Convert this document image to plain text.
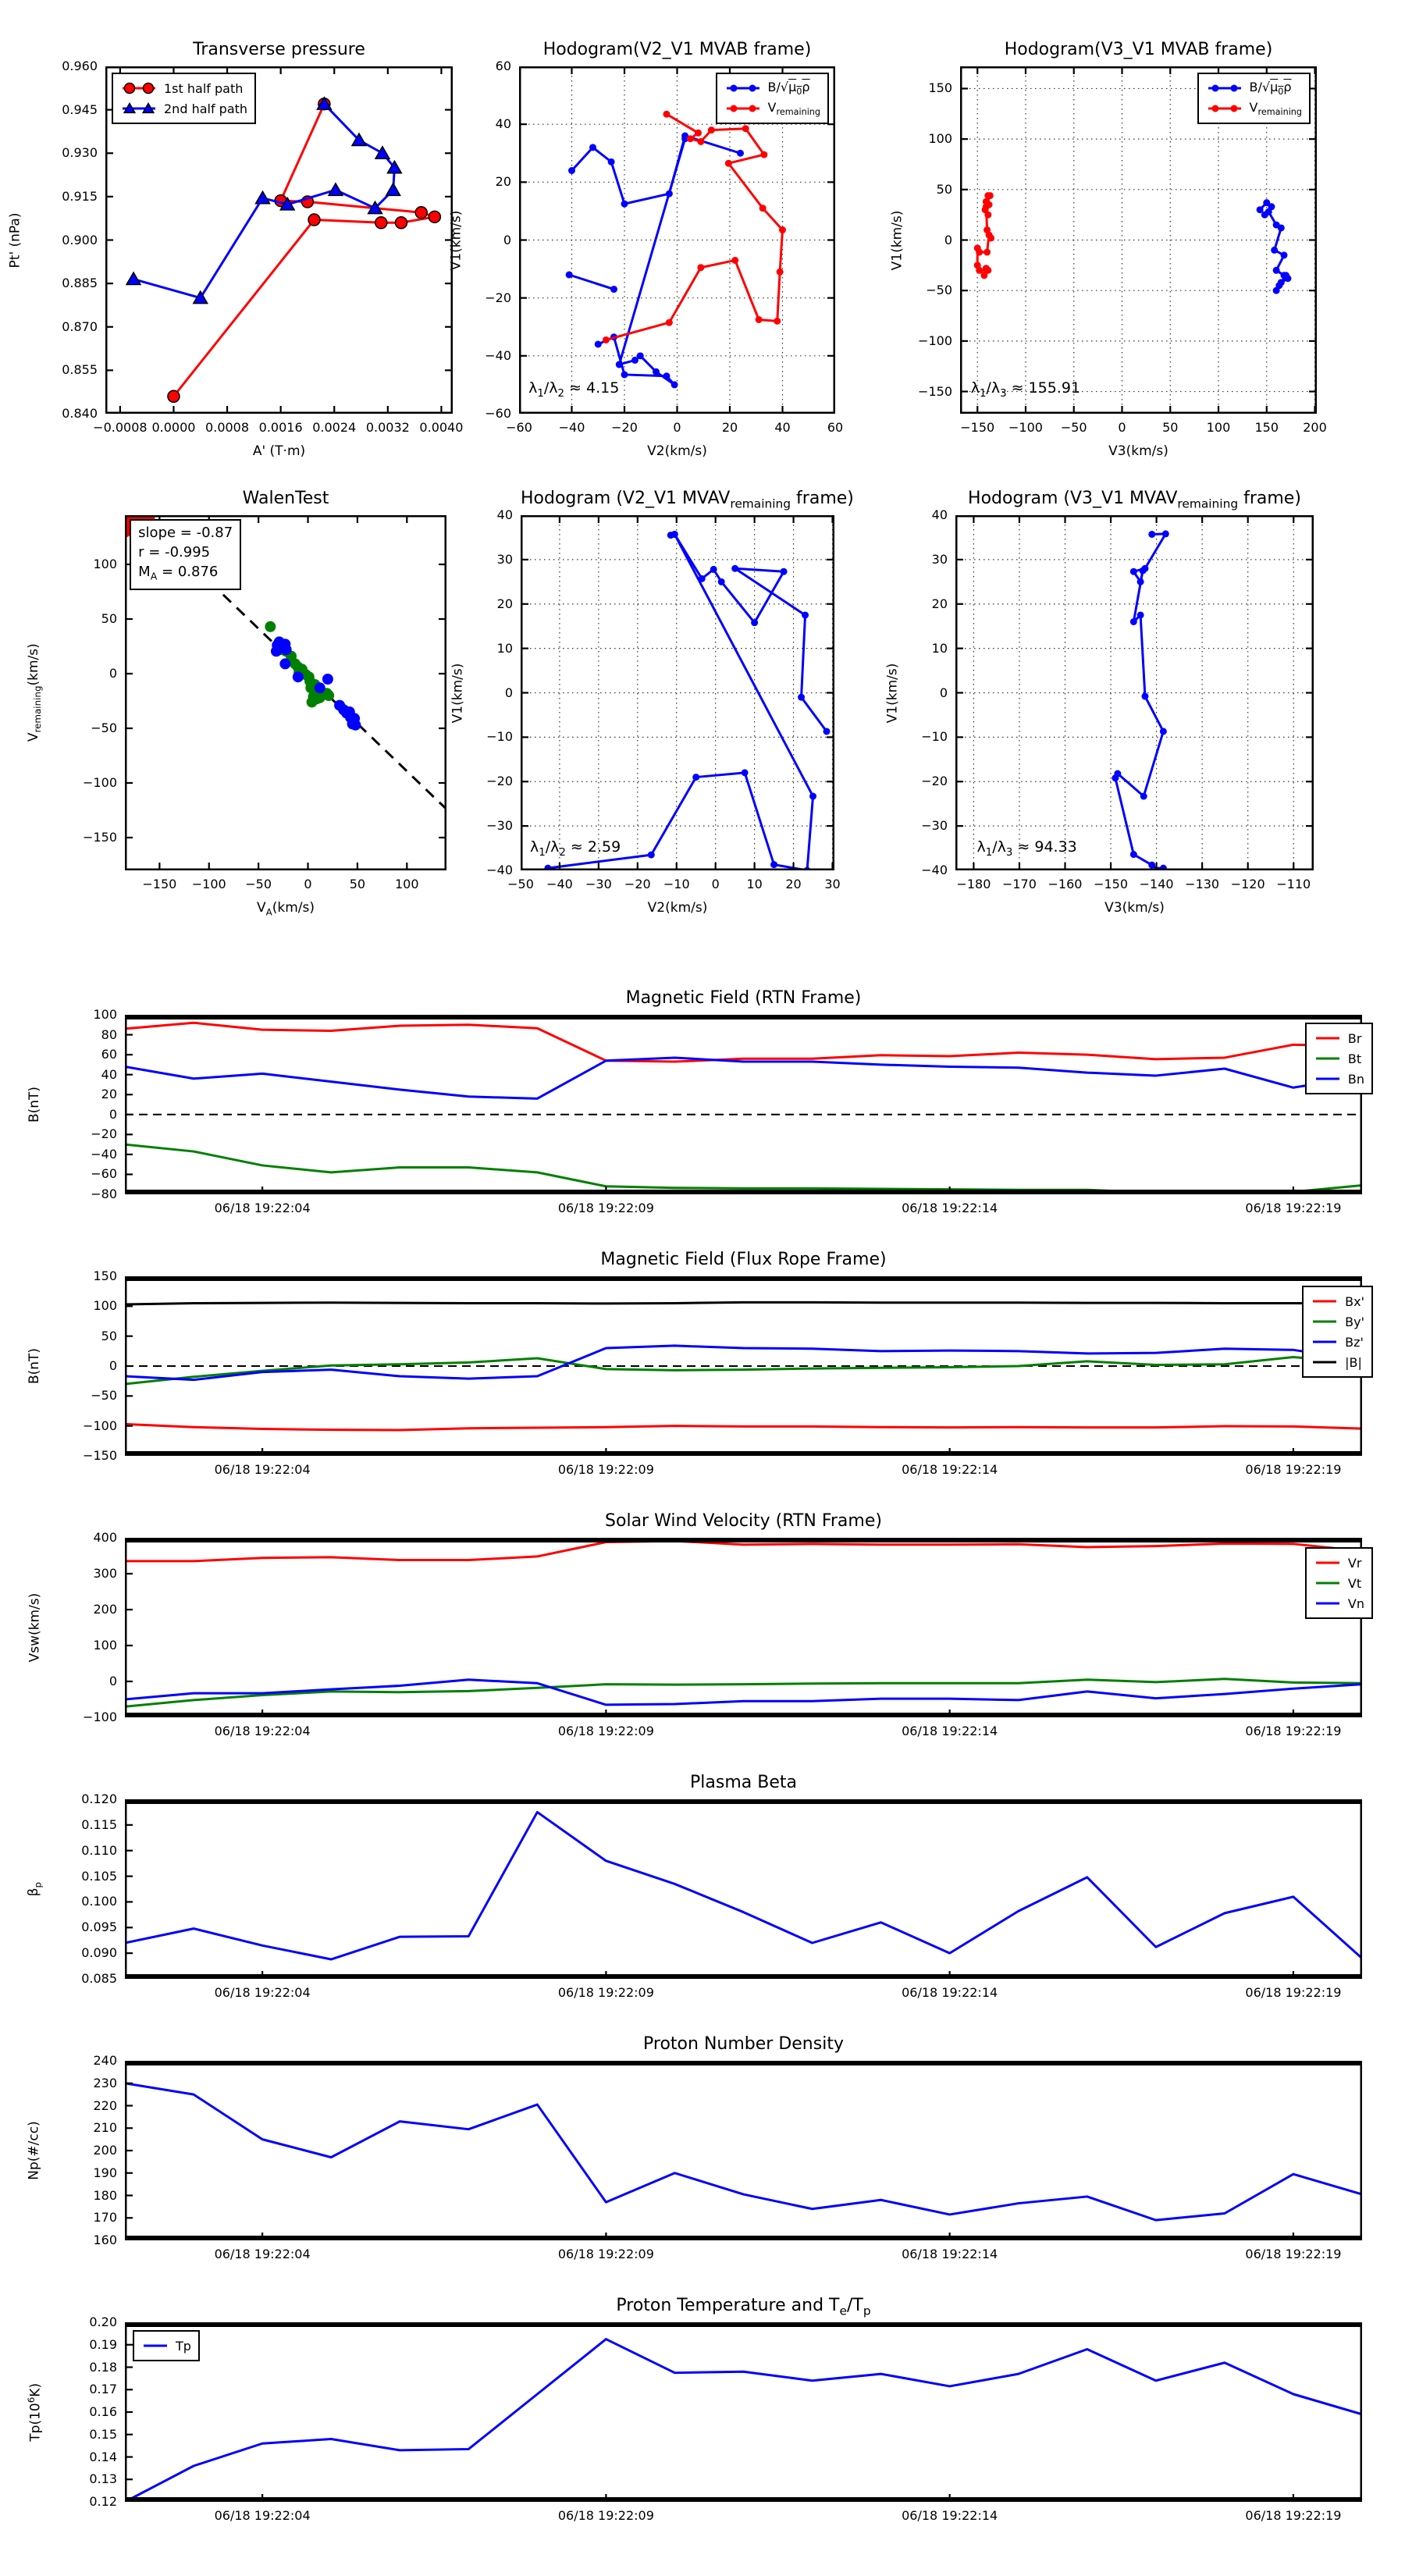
Transverse pressure
−0.0008 0.0000 0.0008 0.0016 0.0024 0.0032 0.0040
0.840
0.855
0.870
0.885
0.900
0.915
0.930
0.945
0.960
A' (T·m)
Pt' (nPa)
1st half path
2nd half path
Hodogram(V2_V1 MVAB frame)
−60	−40	−20	0	20	40	60
−60
−40
−20
0
20
40
60
V2(km/s)
V1(km/s)
$B/√\mu_0\rho$
$V_{remaining}$
$\lambda_1/\lambda_2 \approx 4.15$
Hodogram(V3_V1 MVAB frame)
−150	−100	−50	0	50	100	150	200
−150
−100
−50
0
50
100
150
V3(km/s)
V1(km/s)
$B/√\mu_0\rho$
$V_{remaining}$
$\lambda_1/\lambda_3 \approx 155.91$
WalenTest
−150	−100	−50	0	50	100
−150
−100
−50
0
50
100
$V_A(km/s)$
$V_{remaining}(km/s)$
slope = -0.87
r = -0.995
$M_A = 0.876$
Hodogram (V2_V1 $MVAV_{remaining}$ frame)
−50	−40	−30	−20	−10	0	10	20	30
−40
−30
−20
−10
0
10
20
30
40
V2(km/s)
V1(km/s)
$\lambda_1/\lambda_2 \approx 2.59$
Hodogram (V3_V1 $MVAV_{remaining}$ frame)
−180 −170 −160 −150 −140 −130 −120 −110
−40
−30
−20
−10
0
10
20
30
40
V3(km/s)
V1(km/s)
$\lambda_1/\lambda_3 \approx 94.33$
Magnetic Field (RTN Frame)
06/18 19:22:04	06/18 19:22:09	06/18 19:22:14	06/18 19:22:19
−80
−60
−40
−20
0
20
40
60
80
100
B(nT)
Br
Bt
Bn
Magnetic Field (Flux Rope Frame)
06/18 19:22:04	06/18 19:22:09	06/18 19:22:14	06/18 19:22:19
−150
−100
−50
0
50
100
150
B(nT)
Bx'
By'
Bz'
|B|
Solar Wind Velocity (RTN Frame)
06/18 19:22:04	06/18 19:22:09	06/18 19:22:14	06/18 19:22:19
−100
0
100
200
300
400
Vsw(km/s)
Vr
Vt
Vn
Plasma Beta
06/18 19:22:04	06/18 19:22:09	06/18 19:22:14	06/18 19:22:19
0.085
0.090
0.095
0.100
0.105
0.110
0.115
0.120
$\beta_p$
Proton Number Density
06/18 19:22:04	06/18 19:22:09	06/18 19:22:14	06/18 19:22:19
160
170
180
190
200
210
220
230
240
Np(#/cc)
Proton Temperature and $T_e/T_p$
06/18 19:22:04	06/18 19:22:09	06/18 19:22:14	06/18 19:22:19
0.12
0.13
0.14
0.15
0.16
0.17
0.18
0.19
0.20
$Tp(10^6K)$
Tp
